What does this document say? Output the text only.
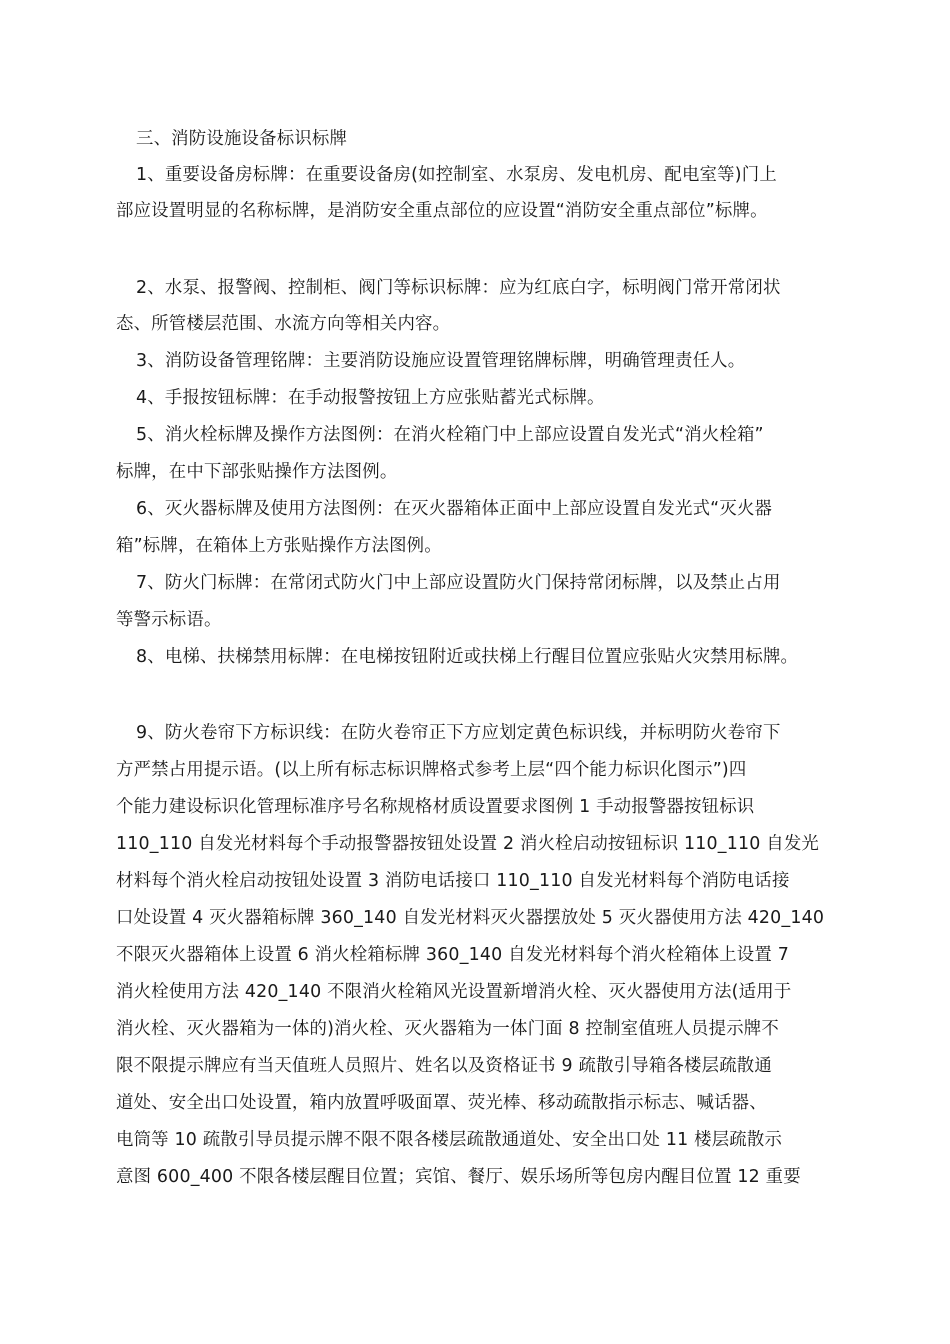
三、消防设施设备标识标牌
1、重要设备房标牌：在重要设备房(如控制室、水泵房、发电机房、配电室等)门上
部应设置明显的名称标牌，是消防安全重点部位的应设置“消防安全重点部位”标牌。
2、水泵、报警阀、控制柜、阀门等标识标牌：应为红底白字，标明阀门常开常闭状
态、所管楼层范围、水流方向等相关内容。
3、消防设备管理铭牌：主要消防设施应设置管理铭牌标牌，明确管理责任人。
4、手报按钮标牌：在手动报警按钮上方应张贴蓄光式标牌。
5、消火栓标牌及操作方法图例：在消火栓箱门中上部应设置自发光式“消火栓箱”
标牌，在中下部张贴操作方法图例。
6、灭火器标牌及使用方法图例：在灭火器箱体正面中上部应设置自发光式“灭火器
箱”标牌，在箱体上方张贴操作方法图例。
7、防火门标牌：在常闭式防火门中上部应设置防火门保持常闭标牌，以及禁止占用
等警示标语。
8、电梯、扶梯禁用标牌：在电梯按钮附近或扶梯上行醒目位置应张贴火灾禁用标牌。
9、防火卷帘下方标识线：在防火卷帘正下方应划定黄色标识线，并标明防火卷帘下
方严禁占用提示语。(以上所有标志标识牌格式参考上层“四个能力标识化图示”)四
个能力建设标识化管理标准序号名称规格材质设置要求图例 1 手动报警器按钮标识
110_110 自发光材料每个手动报警器按钮处设置 2 消火栓启动按钮标识 110_110 自发光
材料每个消火栓启动按钮处设置 3 消防电话接口 110_110 自发光材料每个消防电话接
口处设置 4 灭火器箱标牌 360_140 自发光材料灭火器摆放处 5 灭火器使用方法 420_140
不限灭火器箱体上设置 6 消火栓箱标牌 360_140 自发光材料每个消火栓箱体上设置 7
消火栓使用方法 420_140 不限消火栓箱风光设置新增消火栓、灭火器使用方法(适用于
消火栓、灭火器箱为一体的)消火栓、灭火器箱为一体门面 8 控制室值班人员提示牌不
限不限提示牌应有当天值班人员照片、姓名以及资格证书 9 疏散引导箱各楼层疏散通
道处、安全出口处设置，箱内放置呼吸面罩、荧光棒、移动疏散指示标志、喊话器、
电筒等 10 疏散引导员提示牌不限不限各楼层疏散通道处、安全出口处 11 楼层疏散示
意图 600_400 不限各楼层醒目位置；宾馆、餐厅、娱乐场所等包房内醒目位置 12 重要
